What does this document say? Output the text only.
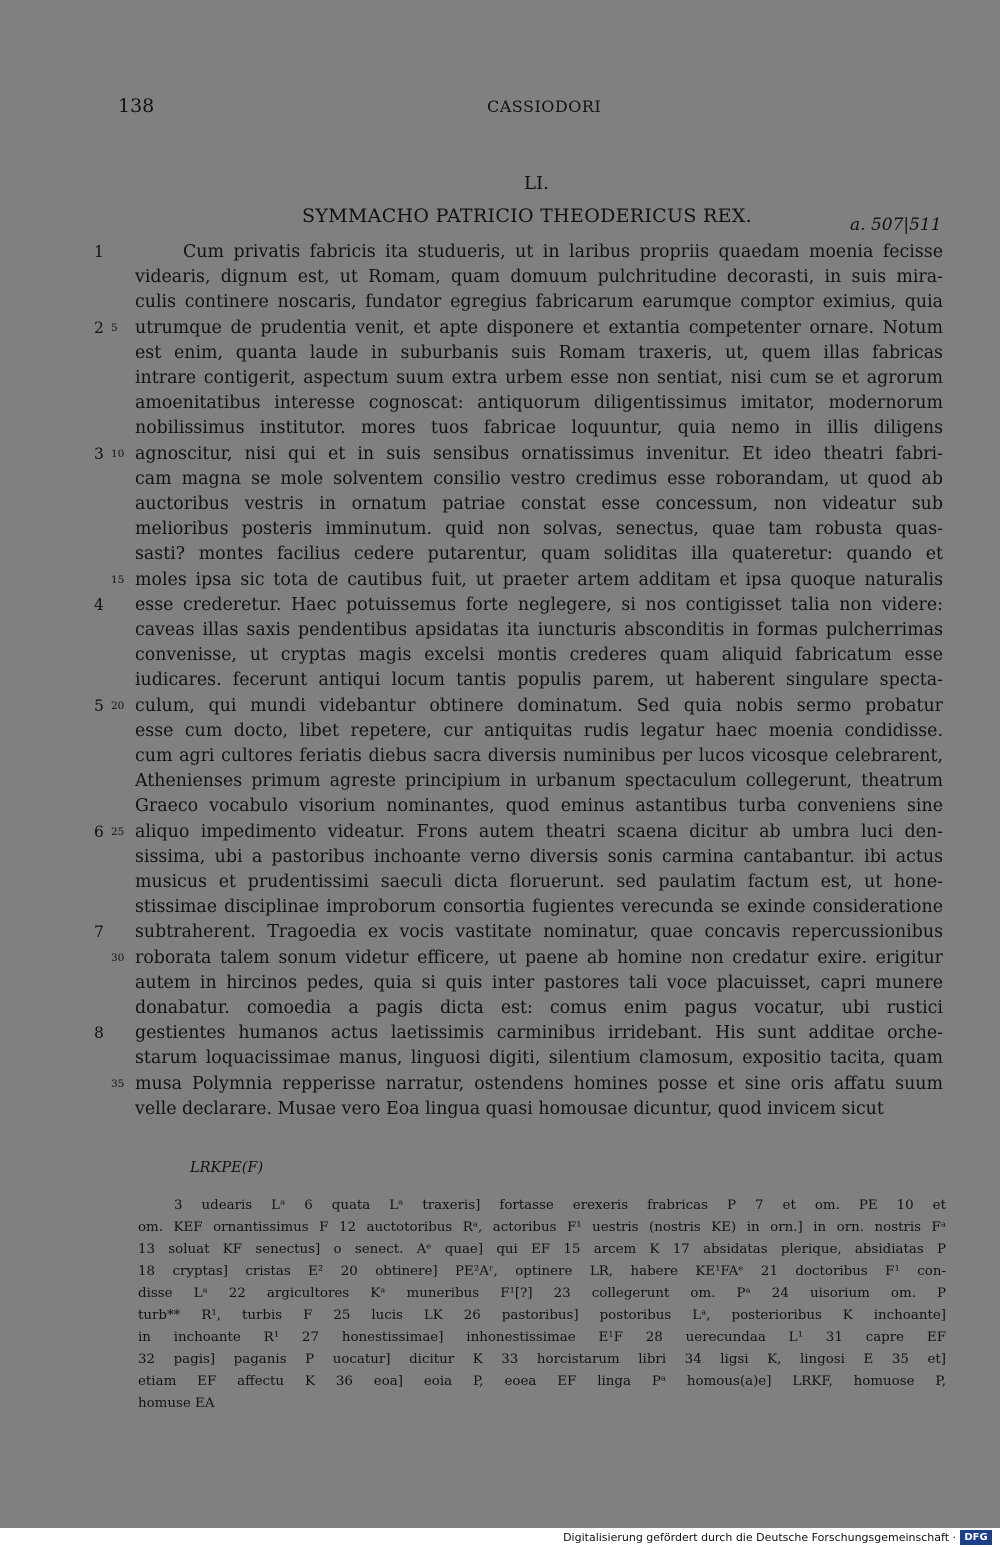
138	CASSIODORI
LI.
SYMMACHO PATRICIO THEODERICUS REX.	a. 507|511
Cum privatis fabricis ita studueris, ut in laribus propriis quaedam moenia fecisse
1
videaris, dignum est, ut Romam, quam domuum pulchritudine decorasti, in suis mira-
culis continere noscaris, fundator egregius fabricarum earumque comptor eximius, quia
utrumque de prudentia venit, et apte disponere et extantia competenter ornare. Notum
2 5
est enim, quanta laude in suburbanis suis Romam traxeris, ut, quem illas fabricas
intrare contigerit, aspectum suum extra urbem esse non sentiat, nisi cum se et agrorum
amoenitatibus interesse cognoscat: antiquorum diligentissimus imitator, modernorum
nobilissimus institutor. mores tuos fabricae loquuntur, quia nemo in illis diligens
agnoscitur, nisi qui et in suis sensibus ornatissimus invenitur. Et ideo theatri fabri-
3 10
cam magna se mole solventem consilio vestro credimus esse roborandam, ut quod ab
auctoribus vestris in ornatum patriae constat esse concessum, non videatur sub
melioribus posteris imminutum. quid non solvas, senectus, quae tam robusta quas-
sasti? montes facilius cedere putarentur, quam soliditas illa quateretur: quando et
moles ipsa sic tota de cautibus fuit, ut praeter artem additam et ipsa quoque naturalis
15
esse crederetur. Haec potuissemus forte neglegere, si nos contigisset talia non videre:
4
caveas illas saxis pendentibus apsidatas ita iuncturis absconditis in formas pulcherrimas
convenisse, ut cryptas magis excelsi montis crederes quam aliquid fabricatum esse
iudicares. fecerunt antiqui locum tantis populis parem, ut haberent singulare specta-
culum, qui mundi videbantur obtinere dominatum. Sed quia nobis sermo probatur
5 20
esse cum docto, libet repetere, cur antiquitas rudis legatur haec moenia condidisse.
cum agri cultores feriatis diebus sacra diversis numinibus per lucos vicosque celebrarent,
Athenienses primum agreste principium in urbanum spectaculum collegerunt, theatrum
Graeco vocabulo visorium nominantes, quod eminus astantibus turba conveniens sine
aliquo impedimento videatur. Frons autem theatri scaena dicitur ab umbra luci den-
6 25
sissima, ubi a pastoribus inchoante verno diversis sonis carmina cantabantur. ibi actus
musicus et prudentissimi saeculi dicta floruerunt. sed paulatim factum est, ut hone-
stissimae disciplinae improborum consortia fugientes verecunda se exinde consideratione
subtraherent. Tragoedia ex vocis vastitate nominatur, quae concavis repercussionibus
7
roborata talem sonum videtur efficere, ut paene ab homine non credatur exire. erigitur
30
autem in hircinos pedes, quia si quis inter pastores tali voce placuisset, capri munere
donabatur. comoedia a pagis dicta est: comus enim pagus vocatur, ubi rustici
gestientes humanos actus laetissimis carminibus irridebant. His sunt additae orche-
8
starum loquacissimae manus, linguosi digiti, silentium clamosum, expositio tacita, quam
musa Polymnia repperisse narratur, ostendens homines posse et sine oris affatu suum
35
velle declarare. Musae vero Eoa lingua quasi homousae dicuntur, quod invicem sicut
LRKPE(F)
3 udearis Lᵃ 6 quata Lᵃ traxeris] fortasse erexeris frabricas P 7 et om. PE 10 et
om. KEF ornantissimus F 12 auctotoribus Rᵃ, actoribus F¹ uestris (nostris KE) in orn.] in orn. nostris Fᵃ
13 soluat KF senectus] o senect. Aᵉ quae] qui EF 15 arcem K 17 absidatas plerique, absidiatas P
18 cryptas] cristas E² 20 obtinere] PE²Aʳ, optinere LR, habere KE¹FAᵉ 21 doctoribus F¹ con-
disse Lᵃ 22 argicultores Kᵃ muneribus F¹[?] 23 collegerunt om. Pᵃ 24 uisorium om. P
turb** R¹, turbis F 25 lucis LK 26 pastoribus] postoribus Lᵃ, posterioribus K inchoante]
in inchoante R¹ 27 honestissimae] inhonestissimae E¹F 28 uerecundaa L¹ 31 capre EF
32 pagis] paganis P uocatur] dicitur K 33 horcistarum libri 34 ligsi K, lingosi E 35 et]
etiam EF affectu K 36 eoa] eoia P, eoea EF linga Pᵃ homous(a)e] LRKF, homuose P,
homuse EA
Digitalisierung gefördert durch die Deutsche Forschungsgemeinschaft · DFG
